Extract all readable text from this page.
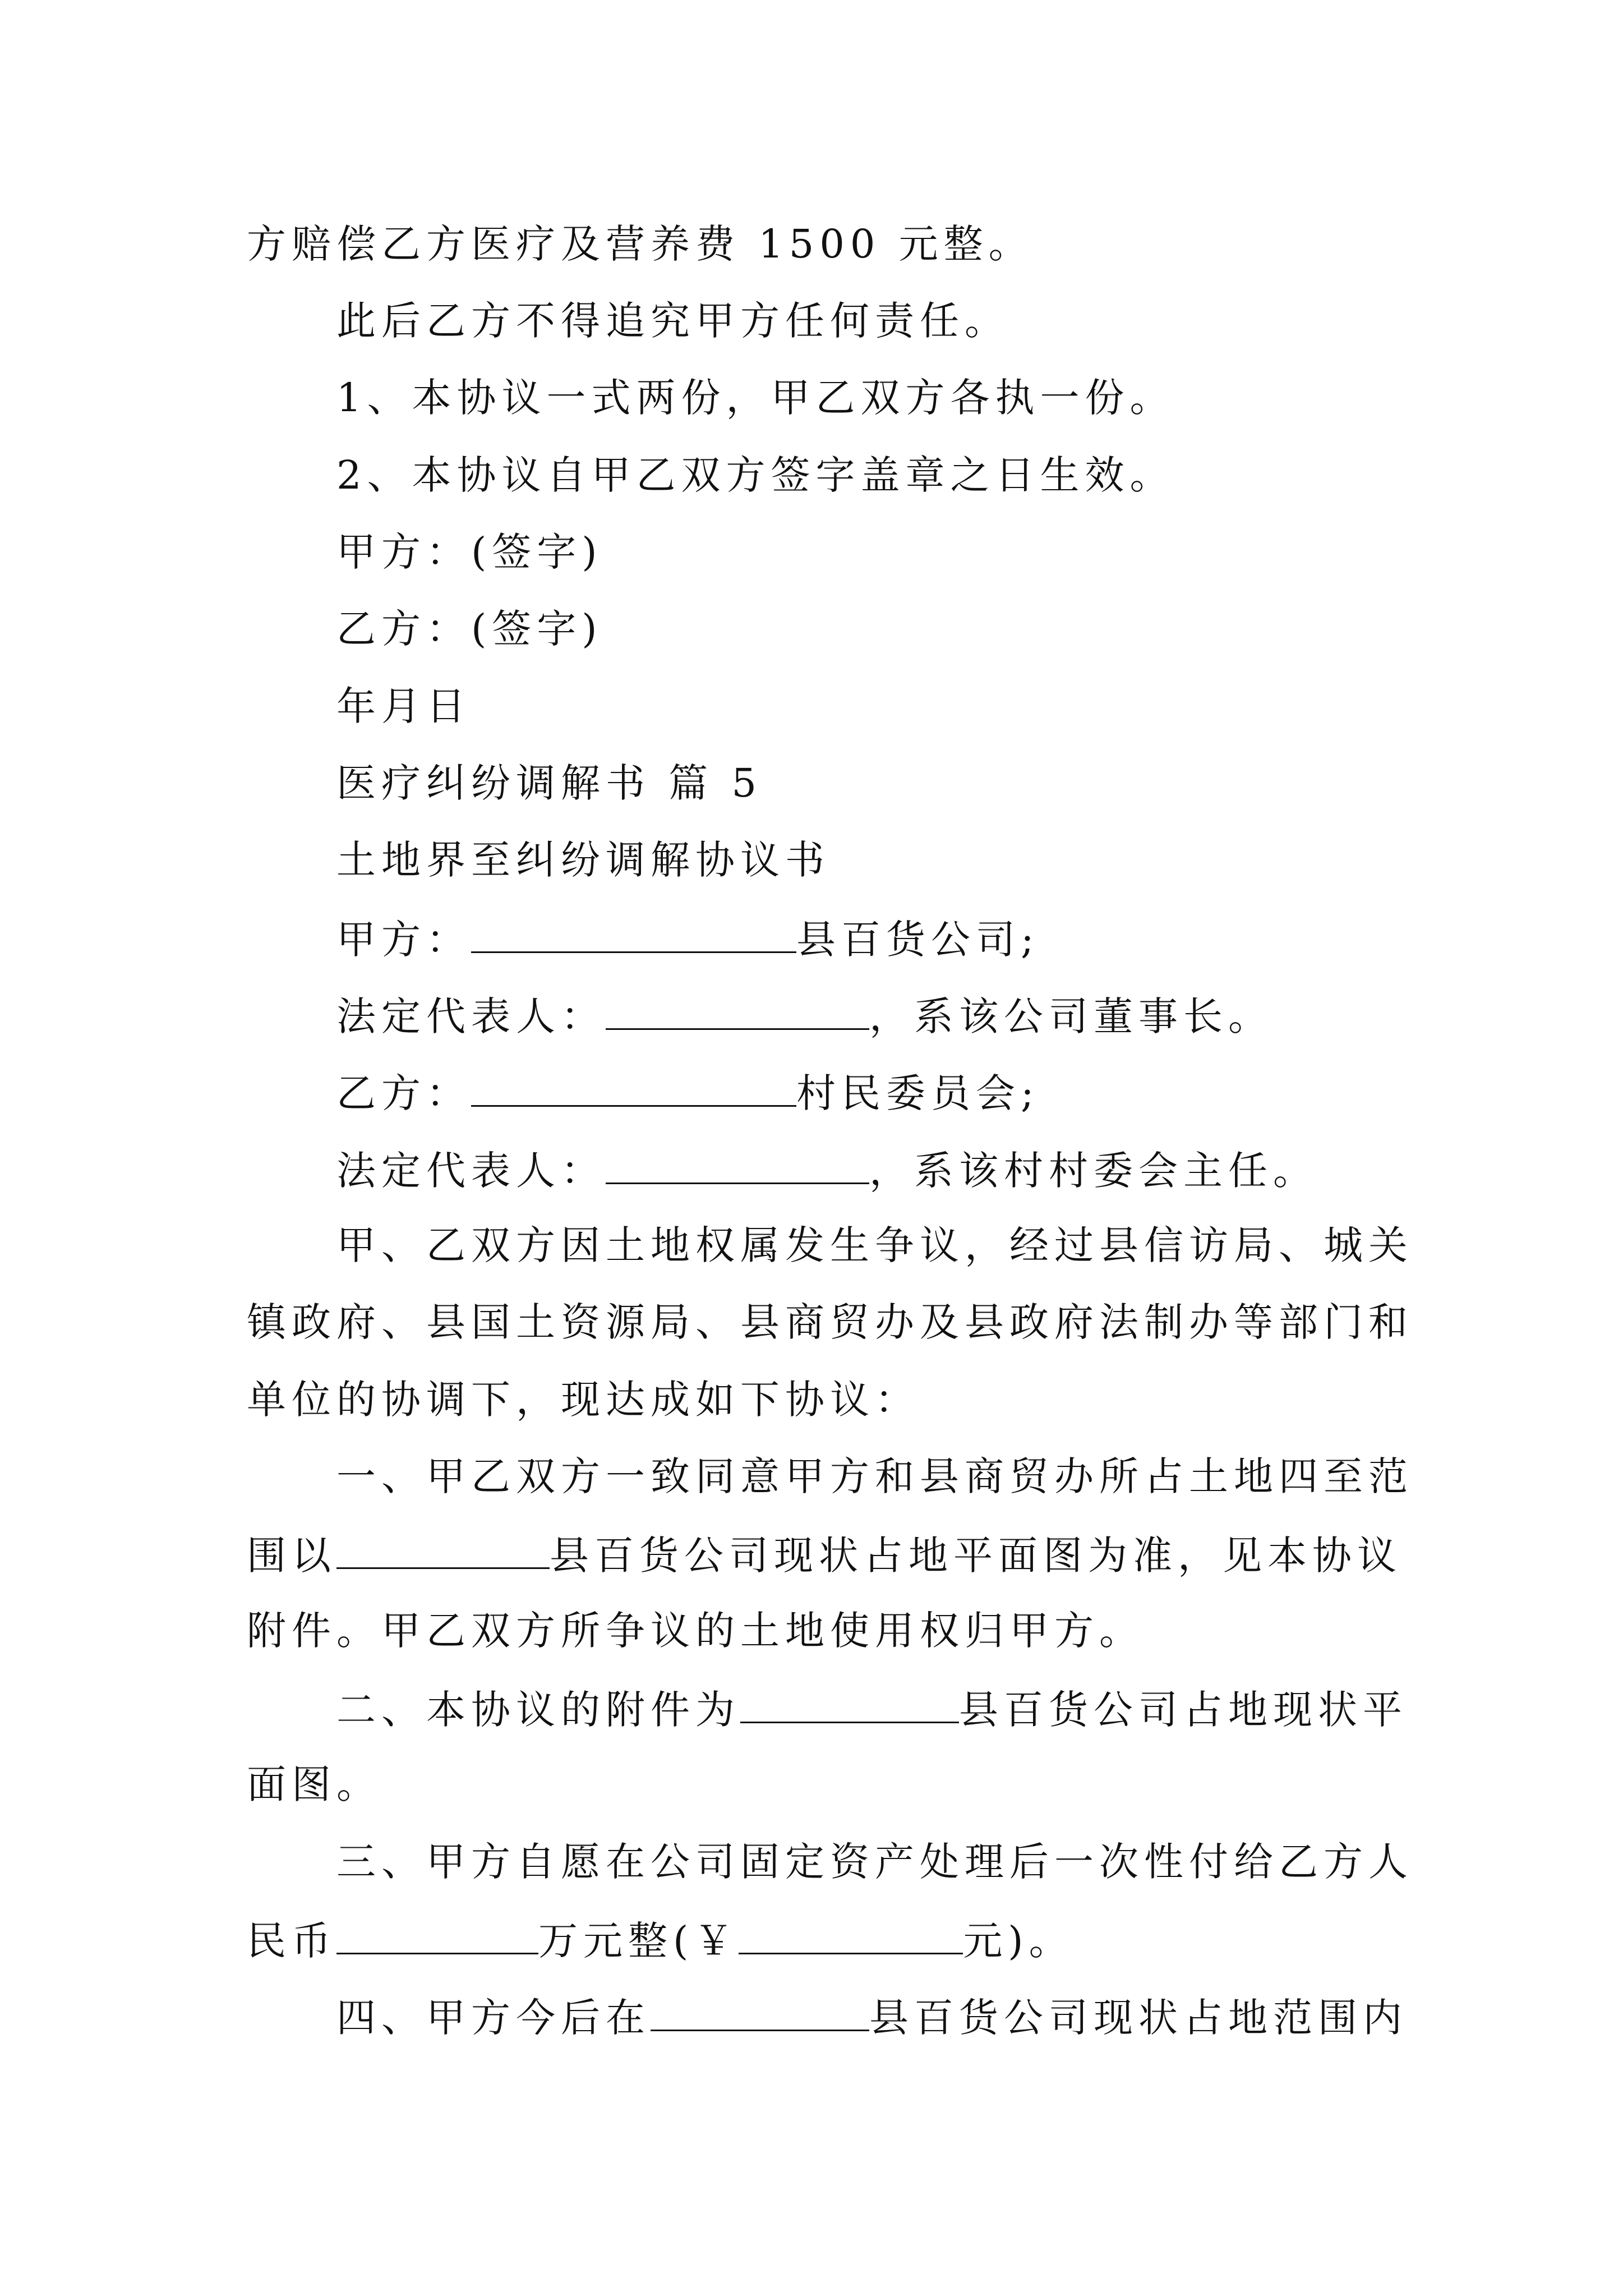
方赔偿乙方医疗及营养费 1500 元整。
此后乙方不得追究甲方任何责任。
1、本协议一式两份，甲乙双方各执一份。
2、本协议自甲乙双方签字盖章之日生效。
甲方：(签字)
乙方：(签字)
年月日
医疗纠纷调解书 篇 5
土地界至纠纷调解协议书
甲方：	县百货公司;
法定代表人：	，系该公司董事长。
乙方：	村民委员会;
法定代表人：	，系该村村委会主任。
甲、乙双方因土地权属发生争议，经过县信访局、城关
镇政府、县国土资源局、县商贸办及县政府法制办等部门和
单位的协调下，现达成如下协议：
一、甲乙双方一致同意甲方和县商贸办所占土地四至范
围以	县百货公司现状占地平面图为准，见本协议
附件。甲乙双方所争议的土地使用权归甲方。
二、本协议的附件为	县百货公司占地现状平
面图。
三、甲方自愿在公司固定资产处理后一次性付给乙方人
民币	万元整(￥	元)。
四、甲方今后在	县百货公司现状占地范围内
